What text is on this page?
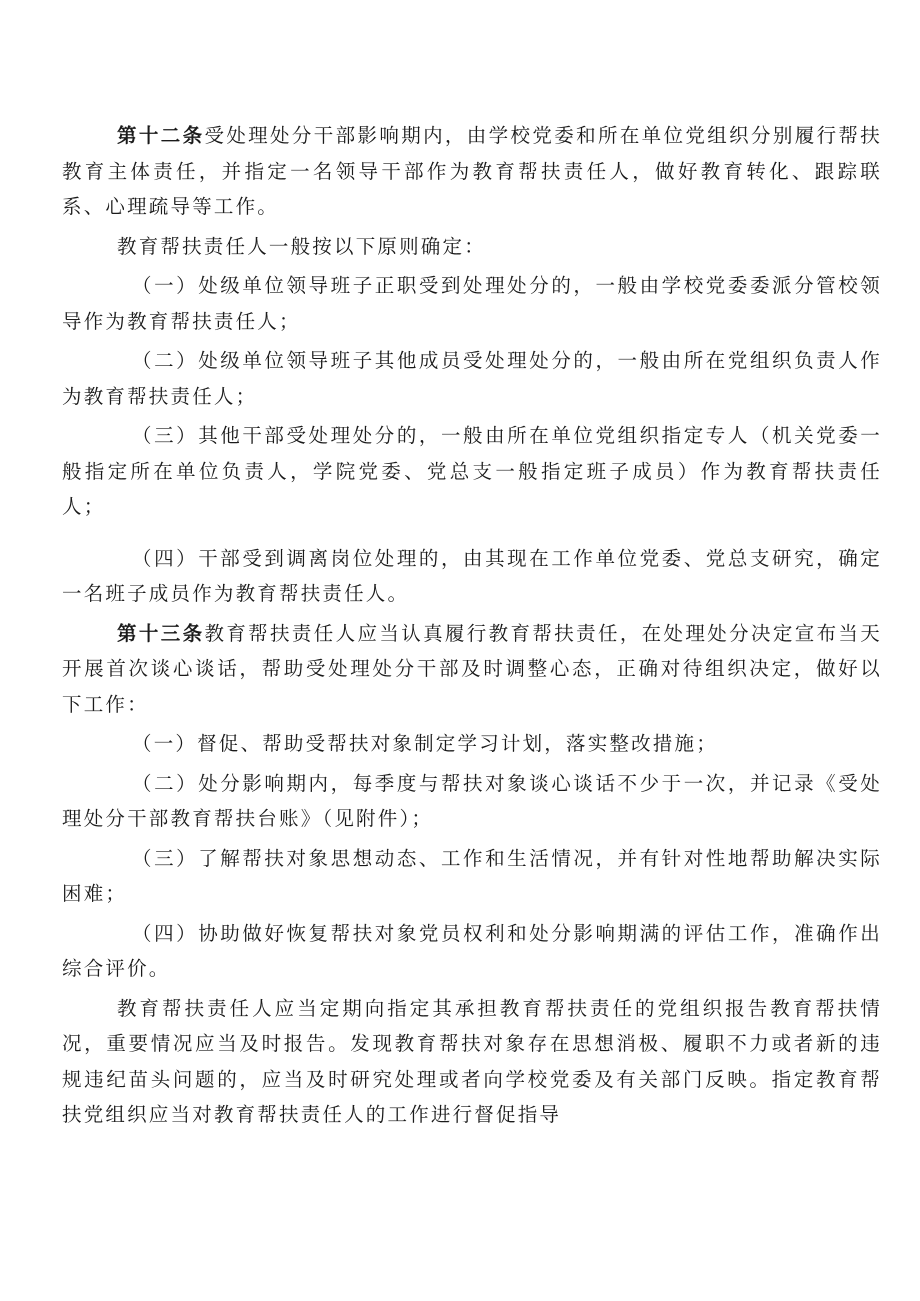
第十二条受处理处分干部影响期内，由学校党委和所在单位党组织分别履行帮扶教育主体责任，并指定一名领导干部作为教育帮扶责任人，做好教育转化、跟踪联系、心理疏导等工作。

教育帮扶责任人一般按以下原则确定：

（一）处级单位领导班子正职受到处理处分的，一般由学校党委委派分管校领导作为教育帮扶责任人；

（二）处级单位领导班子其他成员受处理处分的，一般由所在党组织负责人作为教育帮扶责任人；

（三）其他干部受处理处分的，一般由所在单位党组织指定专人（机关党委一般指定所在单位负责人，学院党委、党总支一般指定班子成员）作为教育帮扶责任人；

（四）干部受到调离岗位处理的，由其现在工作单位党委、党总支研究，确定一名班子成员作为教育帮扶责任人。

第十三条教育帮扶责任人应当认真履行教育帮扶责任，在处理处分决定宣布当天开展首次谈心谈话，帮助受处理处分干部及时调整心态，正确对待组织决定，做好以下工作：

（一）督促、帮助受帮扶对象制定学习计划，落实整改措施；

（二）处分影响期内，每季度与帮扶对象谈心谈话不少于一次，并记录《受处理处分干部教育帮扶台账》（见附件）；

（三）了解帮扶对象思想动态、工作和生活情况，并有针对性地帮助解决实际困难；

（四）协助做好恢复帮扶对象党员权利和处分影响期满的评估工作，准确作出综合评价。

教育帮扶责任人应当定期向指定其承担教育帮扶责任的党组织报告教育帮扶情况，重要情况应当及时报告。发现教育帮扶对象存在思想消极、履职不力或者新的违规违纪苗头问题的，应当及时研究处理或者向学校党委及有关部门反映。指定教育帮扶党组织应当对教育帮扶责任人的工作进行督促指导
